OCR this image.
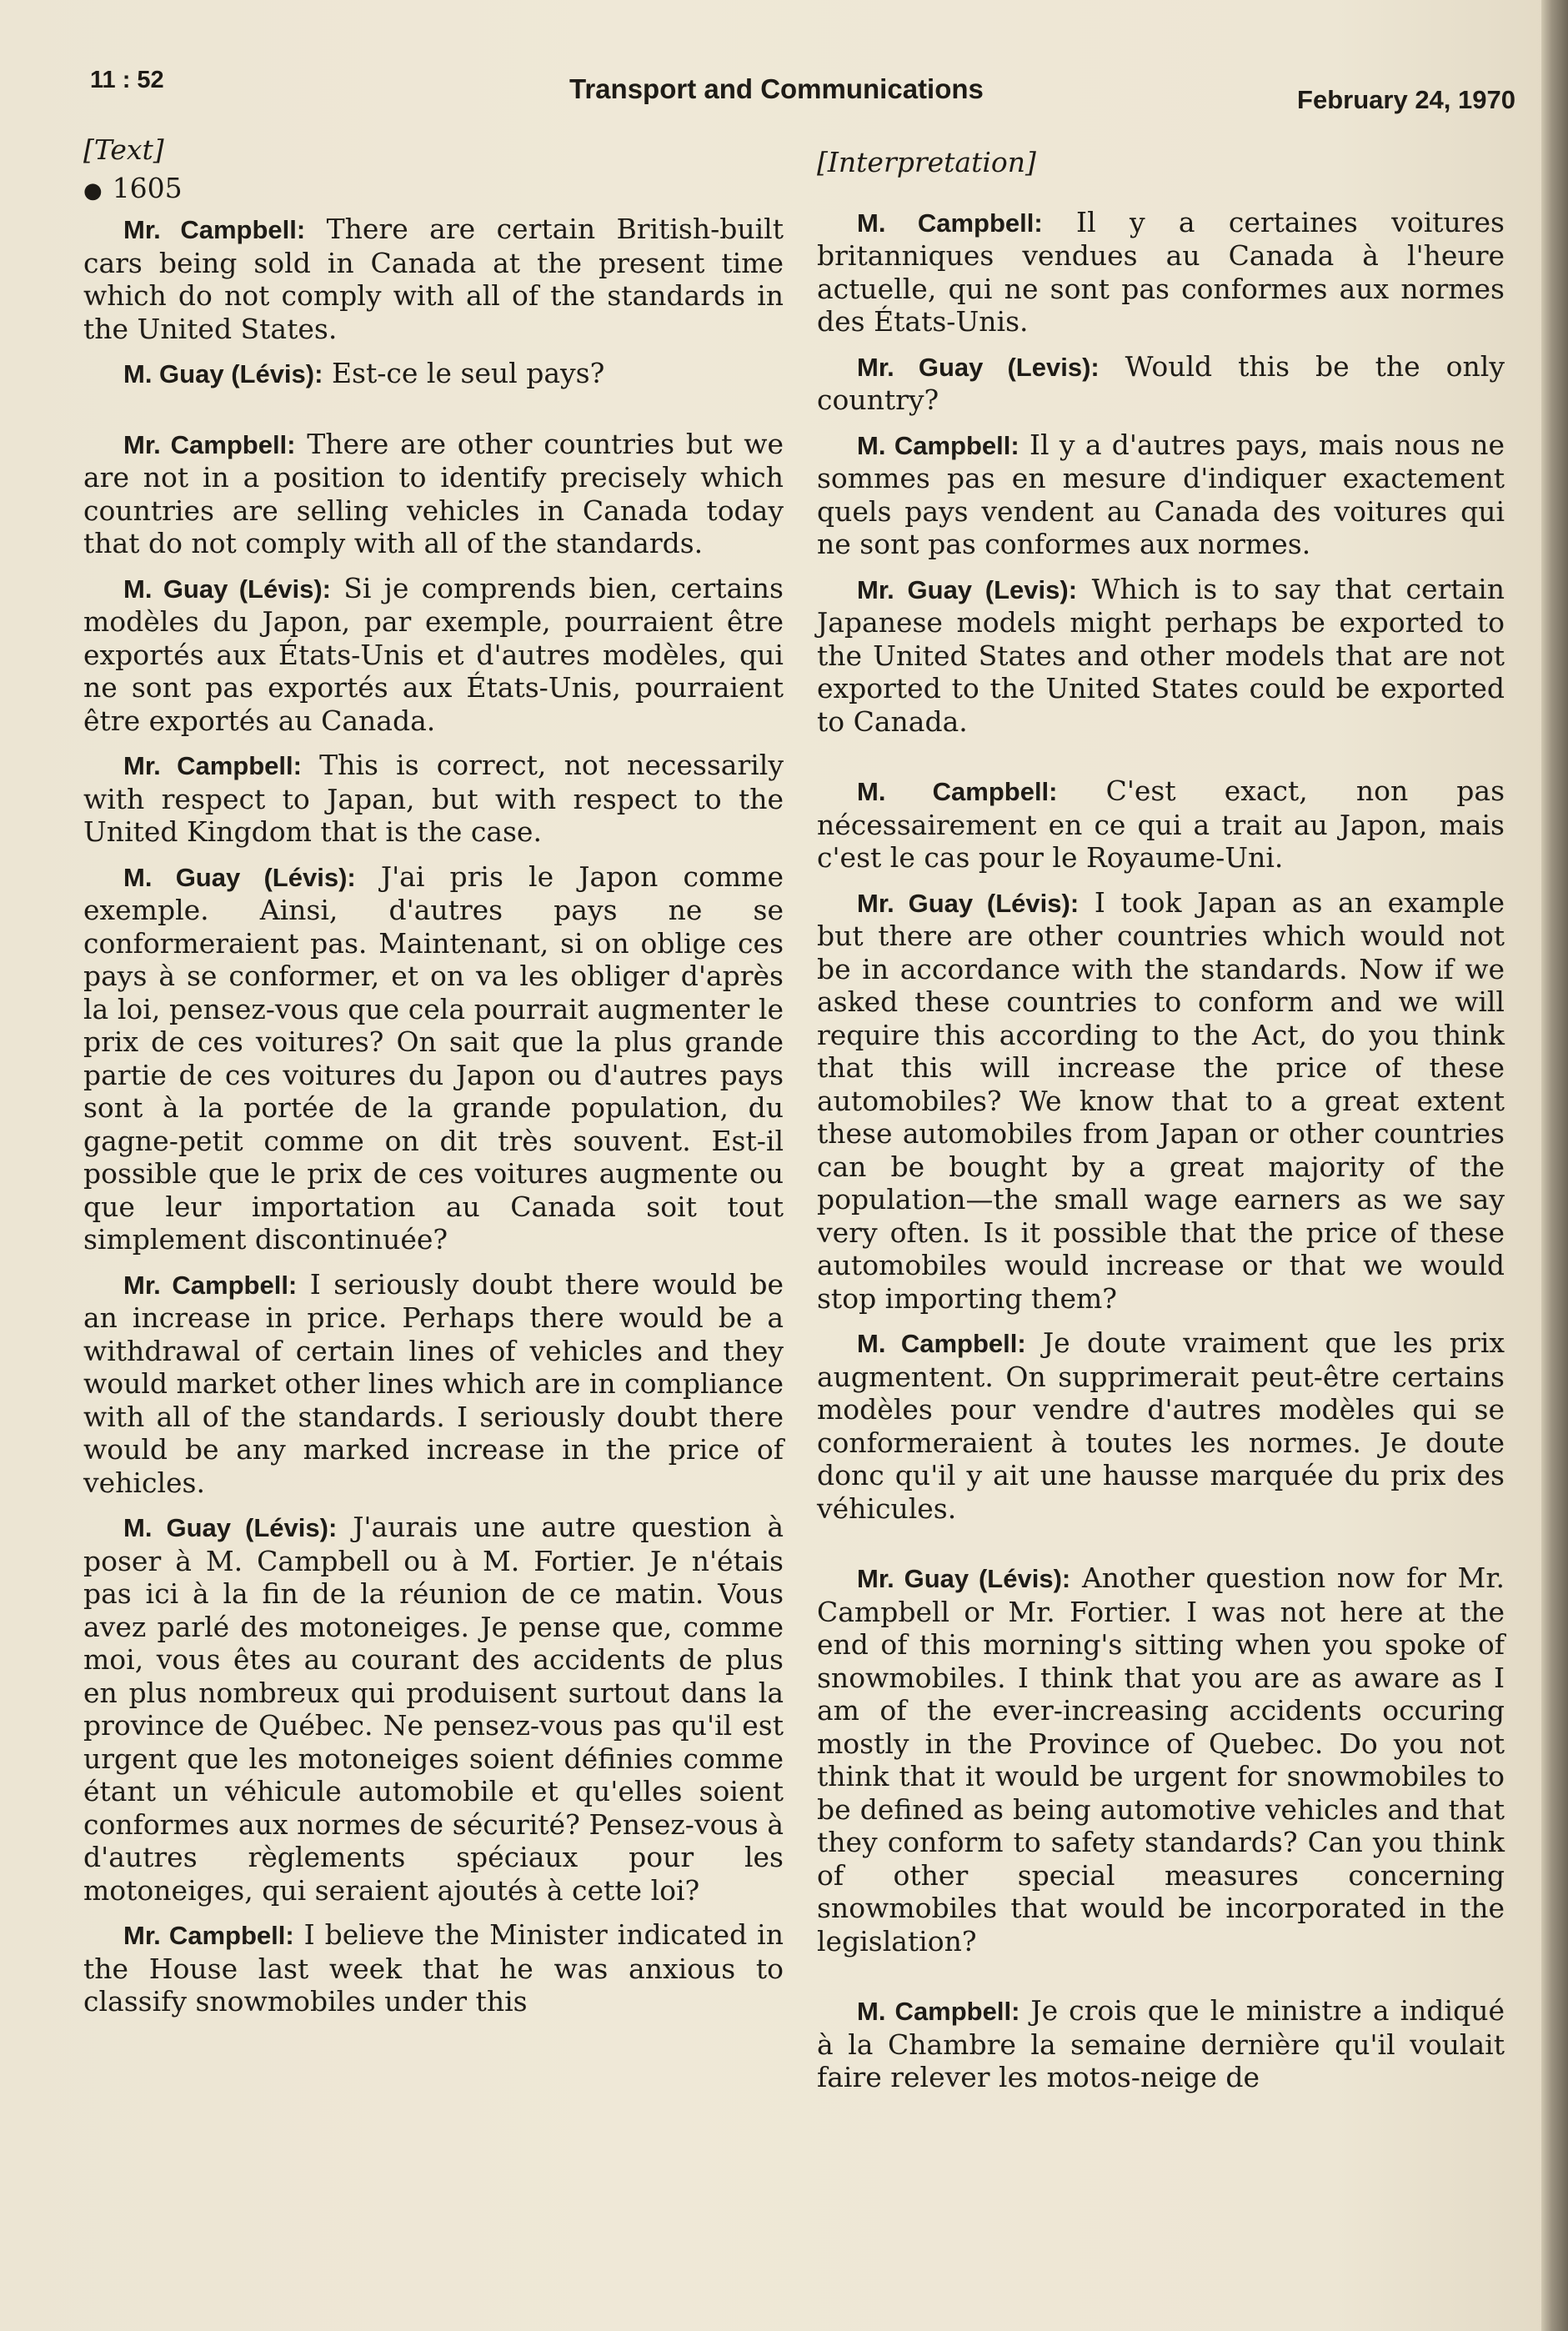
11 : 52	Transport and Communications	February 24, 1970
[Text]
● 1605

Mr. Campbell: There are certain British-built cars being sold in Canada at the present time which do not comply with all of the standards in the United States.

M. Guay (Lévis): Est-ce le seul pays?

Mr. Campbell: There are other countries but we are not in a position to identify precisely which countries are selling vehicles in Canada today that do not comply with all of the standards.

M. Guay (Lévis): Si je comprends bien, certains modèles du Japon, par exemple, pourraient être exportés aux États-Unis et d'autres modèles, qui ne sont pas exportés aux États-Unis, pourraient être exportés au Canada.

Mr. Campbell: This is correct, not necessarily with respect to Japan, but with respect to the United Kingdom that is the case.

M. Guay (Lévis): J'ai pris le Japon comme exemple. Ainsi, d'autres pays ne se conformeraient pas. Maintenant, si on oblige ces pays à se conformer, et on va les obliger d'après la loi, pensez-vous que cela pourrait augmenter le prix de ces voitures? On sait que la plus grande partie de ces voitures du Japon ou d'autres pays sont à la portée de la grande population, du gagne-petit comme on dit très souvent. Est-il possible que le prix de ces voitures augmente ou que leur importation au Canada soit tout simplement discontinuée?

Mr. Campbell: I seriously doubt there would be an increase in price. Perhaps there would be a withdrawal of certain lines of vehicles and they would market other lines which are in compliance with all of the standards. I seriously doubt there would be any marked increase in the price of vehicles.

M. Guay (Lévis): J'aurais une autre question à poser à M. Campbell ou à M. Fortier. Je n'étais pas ici à la fin de la réunion de ce matin. Vous avez parlé des motoneiges. Je pense que, comme moi, vous êtes au courant des accidents de plus en plus nombreux qui produisent surtout dans la province de Québec. Ne pensez-vous pas qu'il est urgent que les motoneiges soient définies comme étant un véhicule automobile et qu'elles soient conformes aux normes de sécurité? Pensez-vous à d'autres règlements spéciaux pour les motoneiges, qui seraient ajoutés à cette loi?

Mr. Campbell: I believe the Minister indicated in the House last week that he was anxious to classify snowmobiles under this

[Interpretation]

M. Campbell: Il y a certaines voitures britanniques vendues au Canada à l'heure actuelle, qui ne sont pas conformes aux normes des États-Unis.

Mr. Guay (Levis): Would this be the only country?

M. Campbell: Il y a d'autres pays, mais nous ne sommes pas en mesure d'indiquer exactement quels pays vendent au Canada des voitures qui ne sont pas conformes aux normes.

Mr. Guay (Levis): Which is to say that certain Japanese models might perhaps be exported to the United States and other models that are not exported to the United States could be exported to Canada.

M. Campbell: C'est exact, non pas nécessairement en ce qui a trait au Japon, mais c'est le cas pour le Royaume-Uni.

Mr. Guay (Lévis): I took Japan as an example but there are other countries which would not be in accordance with the standards. Now if we asked these countries to conform and we will require this according to the Act, do you think that this will increase the price of these automobiles? We know that to a great extent these automobiles from Japan or other countries can be bought by a great majority of the population—the small wage earners as we say very often. Is it possible that the price of these automobiles would increase or that we would stop importing them?

M. Campbell: Je doute vraiment que les prix augmentent. On supprimerait peut-être certains modèles pour vendre d'autres modèles qui se conformeraient à toutes les normes. Je doute donc qu'il y ait une hausse marquée du prix des véhicules.

Mr. Guay (Lévis): Another question now for Mr. Campbell or Mr. Fortier. I was not here at the end of this morning's sitting when you spoke of snowmobiles. I think that you are as aware as I am of the ever-increasing accidents occuring mostly in the Province of Quebec. Do you not think that it would be urgent for snowmobiles to be defined as being automotive vehicles and that they conform to safety standards? Can you think of other special measures concerning snowmobiles that would be incorporated in the legislation?

M. Campbell: Je crois que le ministre a indiqué à la Chambre la semaine dernière qu'il voulait faire relever les motos-neige de
